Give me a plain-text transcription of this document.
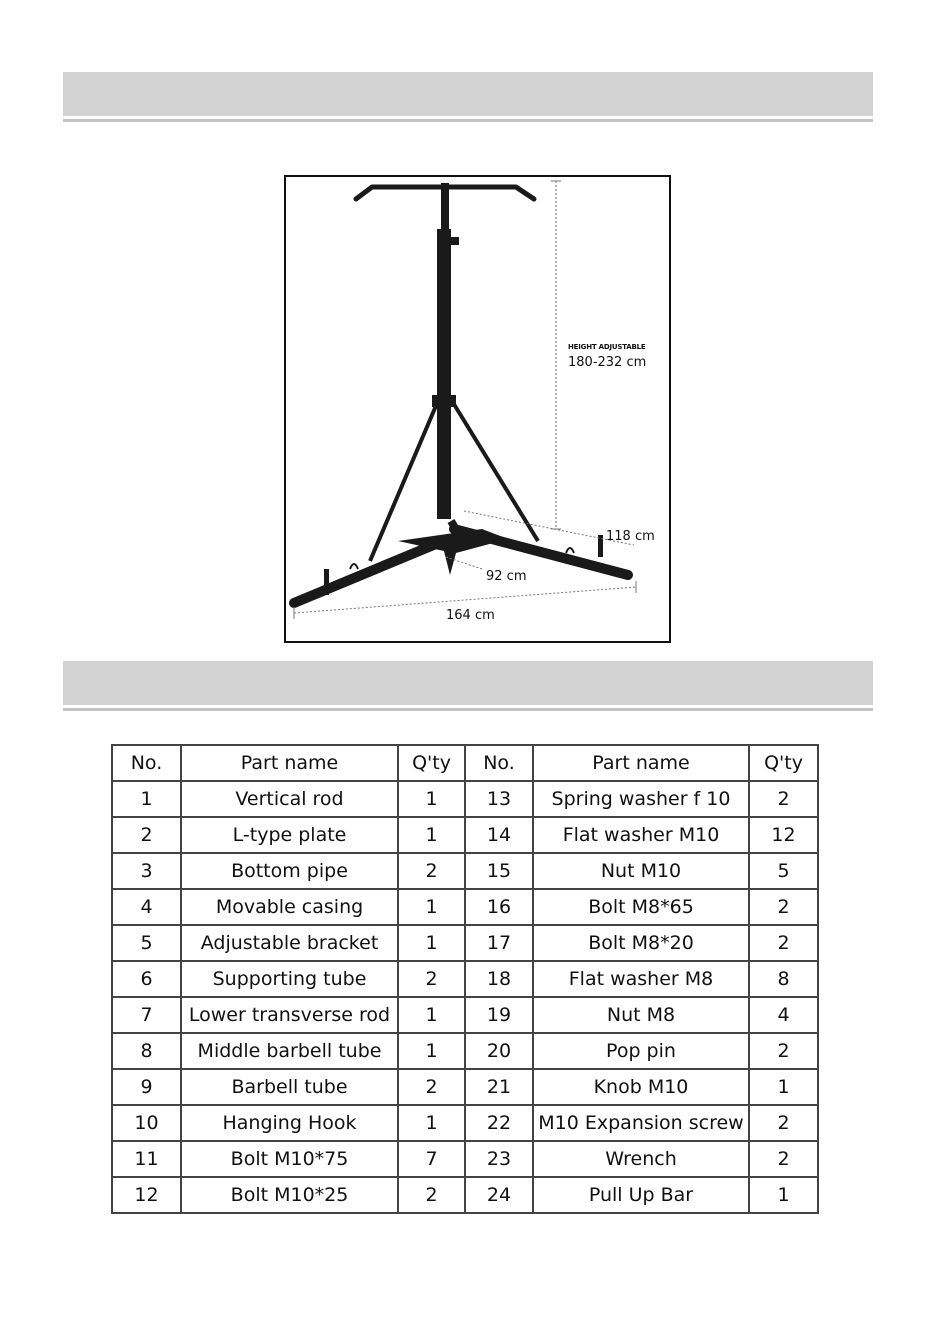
HEIGHT ADJUSTABLE
180-232 cm
118 cm
92 cm
164 cm
No.	Part name	Q'ty	No.	Part name	Q'ty
1	Vertical rod	1	13	Spring washer f 10	2
2	L-type plate	1	14	Flat washer M10	12
3	Bottom pipe	2	15	Nut M10	5
4	Movable casing	1	16	Bolt M8*65	2
5	Adjustable bracket	1	17	Bolt M8*20	2
6	Supporting tube	2	18	Flat washer M8	8
7	Lower transverse rod	1	19	Nut M8	4
8	Middle barbell tube	1	20	Pop pin	2
9	Barbell tube	2	21	Knob M10	1
10	Hanging Hook	1	22	M10 Expansion screw	2
11	Bolt M10*75	7	23	Wrench	2
12	Bolt M10*25	2	24	Pull Up Bar	1
